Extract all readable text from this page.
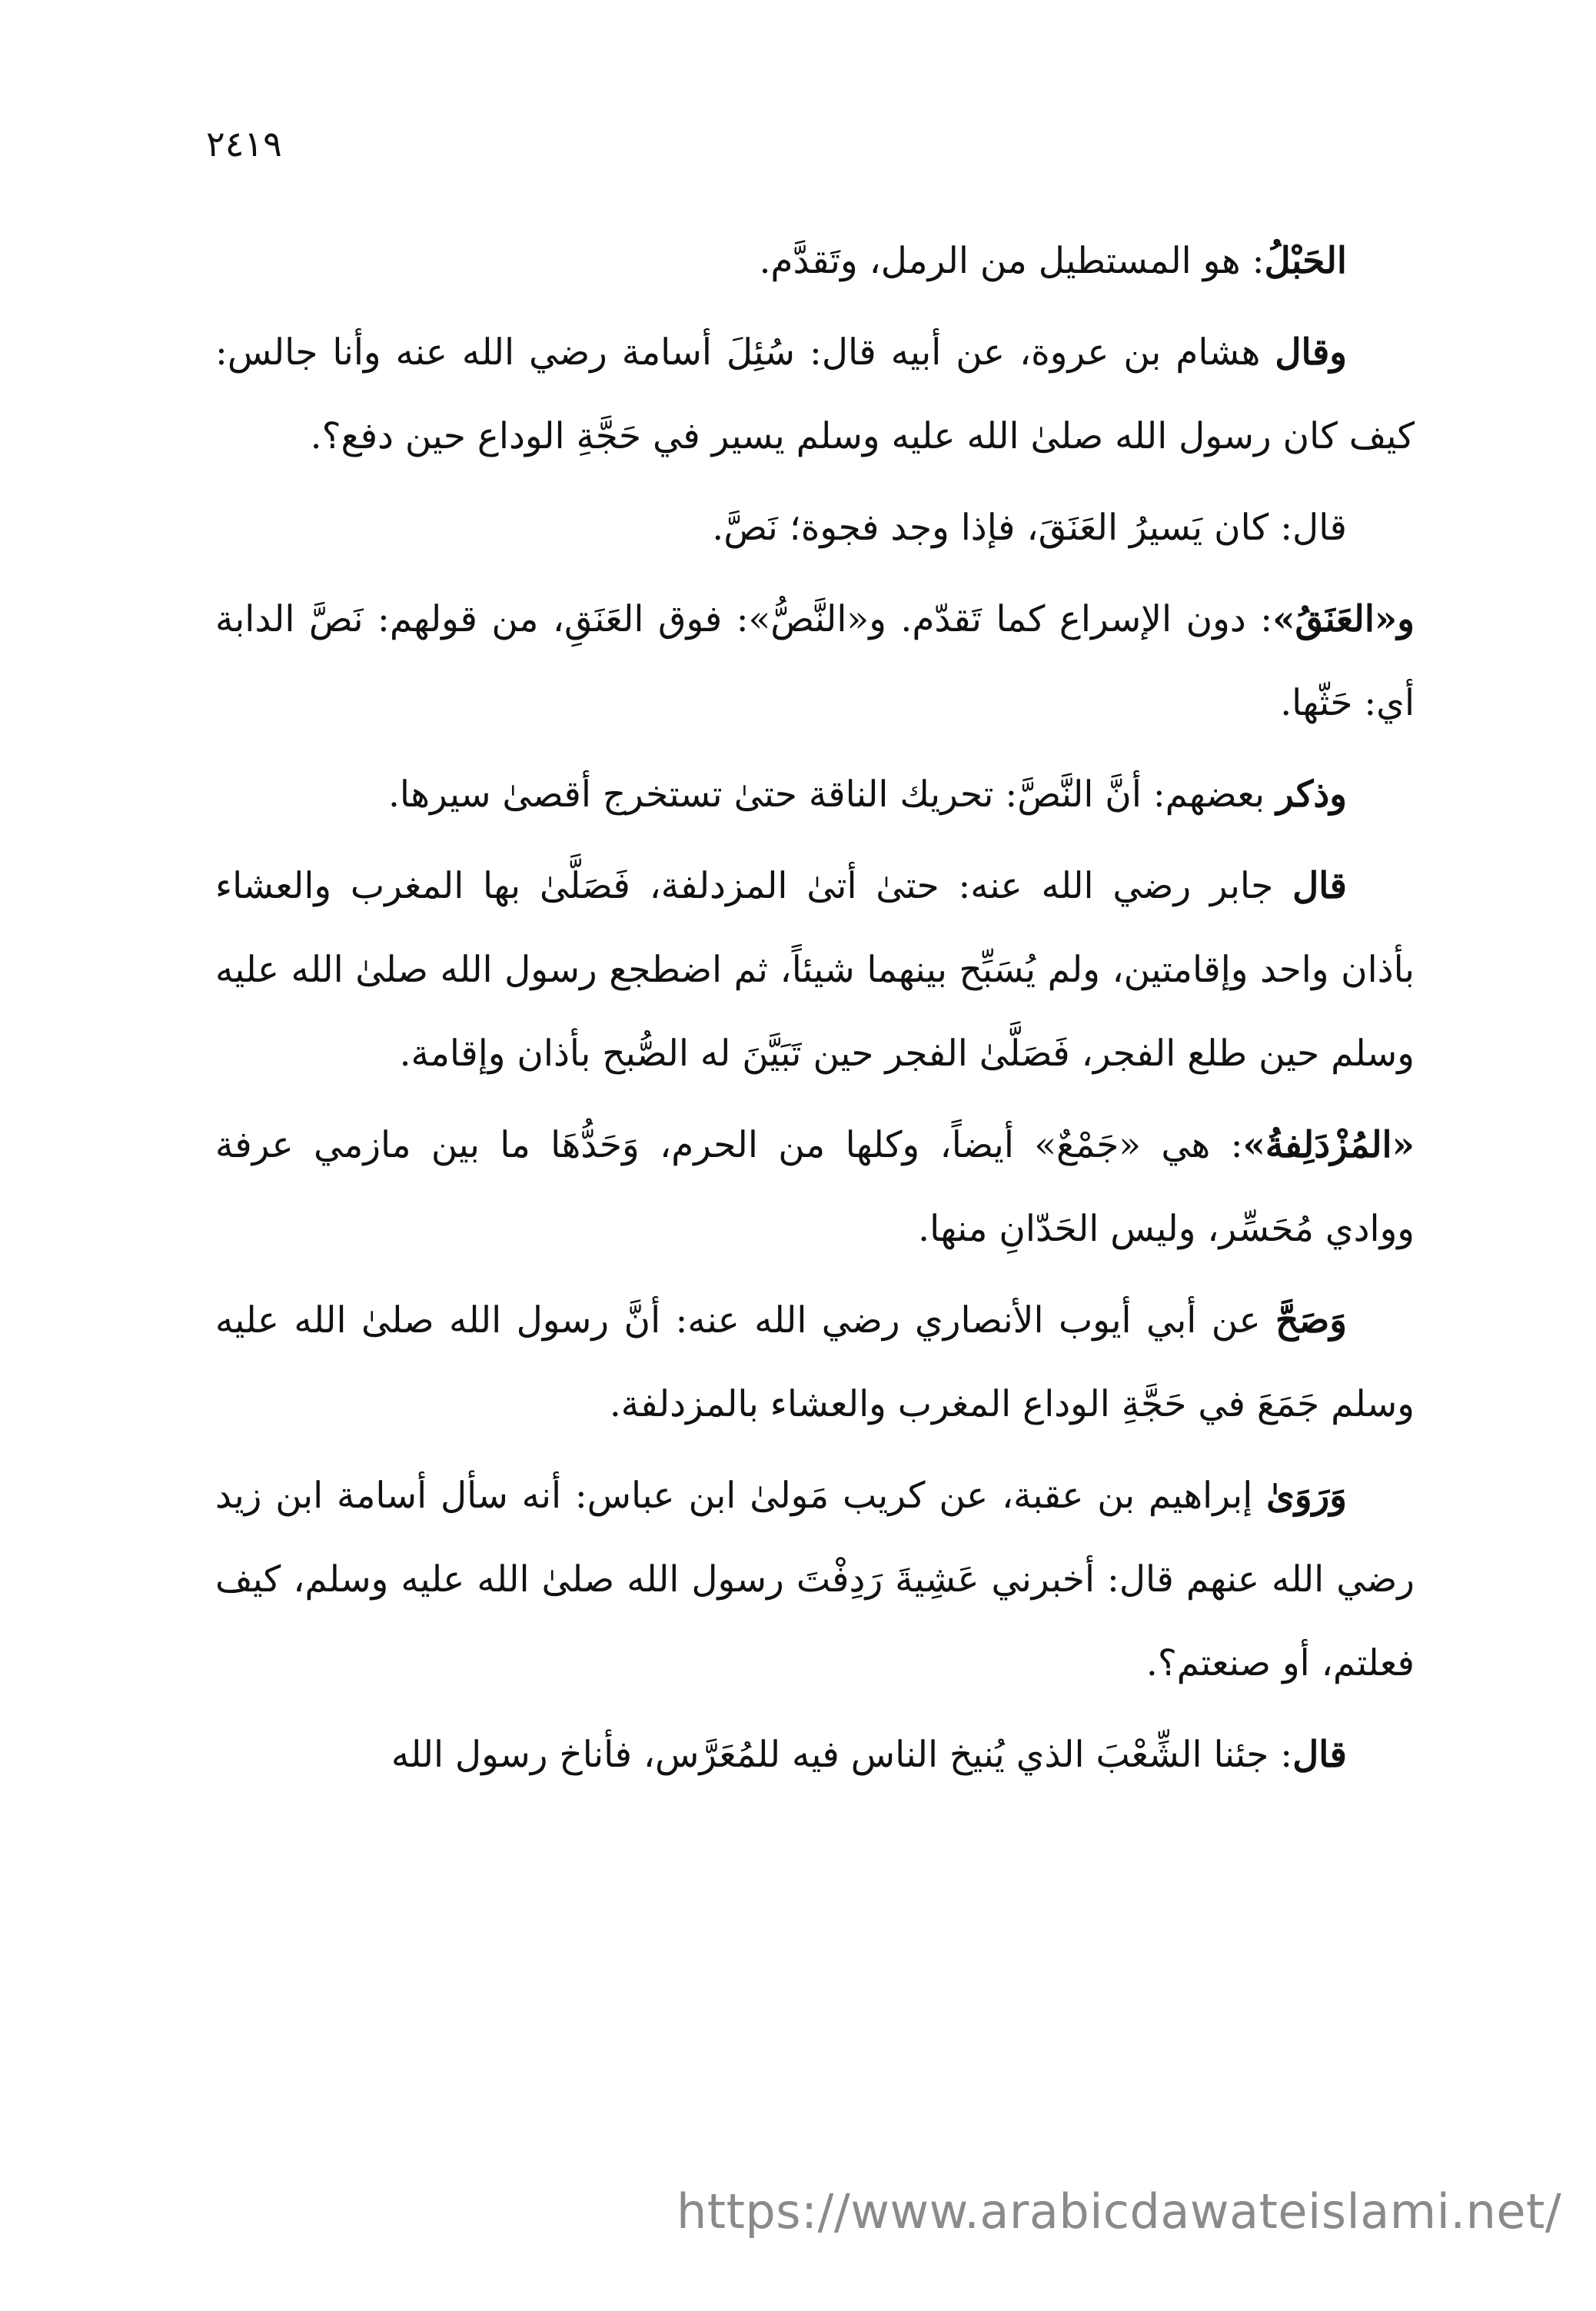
٢٤١٩

الحَبْلُ: هو المستطيل من الرمل، وتَقدَّم.

وقال هشام بن عروة، عن أبيه قال: سُئِلَ أسامة رضي الله عنه وأنا جالس: كيف كان رسول الله صلىٰ الله عليه وسلم يسير في حَجَّةِ الوداع حين دفع؟.

قال: كان يَسيرُ العَنَقَ، فإذا وجد فجوة؛ نَصَّ.

و«العَنَقُ»: دون الإسراع كما تَقدّم. و«النَّصُّ»: فوق العَنَقِ، من قولهم: نَصَّ الدابة أي: حَثّها.

وذكر بعضهم: أنَّ النَّصَّ: تحريك الناقة حتىٰ تستخرج أقصىٰ سيرها.

قال جابر رضي الله عنه: حتىٰ أتىٰ المزدلفة، فَصَلَّىٰ بها المغرب والعشاء بأذان واحد وإقامتين، ولم يُسَبِّح بينهما شيئاً، ثم اضطجع رسول الله صلىٰ الله عليه وسلم حين طلع الفجر، فَصَلَّىٰ الفجر حين تَبَيَّنَ له الصُّبح بأذان وإقامة.

«المُزْدَلِفةُ»: هي «جَمْعٌ» أيضاً، وكلها من الحرم، وَحَدُّهَا ما بين مازمي عرفة ووادي مُحَسِّر، وليس الحَدّانِ منها.

وَصَحَّ عن أبي أيوب الأنصاري رضي الله عنه: أنَّ رسول الله صلىٰ الله عليه وسلم جَمَعَ في حَجَّةِ الوداع المغرب والعشاء بالمزدلفة.

وَرَوَىٰ إبراهيم بن عقبة، عن كريب مَولىٰ ابن عباس: أنه سأل أسامة ابن زيد رضي الله عنهم قال: أخبرني عَشِيةَ رَدِفْتَ رسول الله صلىٰ الله عليه وسلم، كيف فعلتم، أو صنعتم؟.

قال: جئنا الشِّعْبَ الذي يُنيخ الناس فيه للمُعَرَّس، فأناخ رسول الله

https://www.arabicdawateislami.net/
